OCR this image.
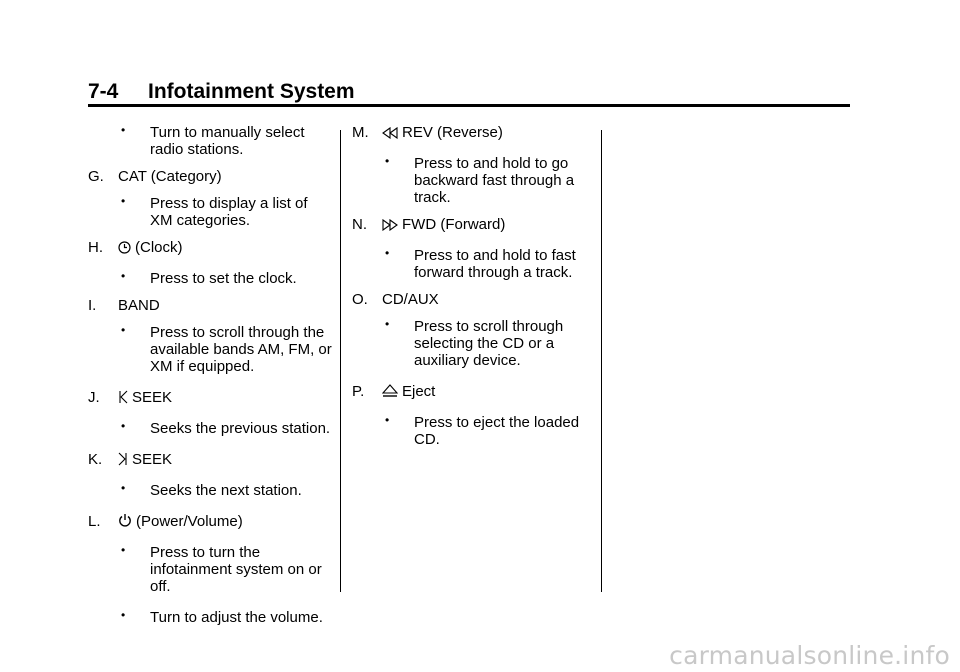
7-4 Infotainment System
• Turn to manually select radio stations.
G. CAT (Category)
• Press to display a list of XM categories.
H. (Clock)
• Press to set the clock.
I. BAND
• Press to scroll through the available bands AM, FM, or XM if equipped.
J. SEEK
• Seeks the previous station.
K. SEEK
• Seeks the next station.
L. (Power/Volume)
• Press to turn the infotainment system on or off.
• Turn to adjust the volume.
M. REV (Reverse)
• Press to and hold to go backward fast through a track.
N. FWD (Forward)
• Press to and hold to fast forward through a track.
O. CD/AUX
• Press to scroll through selecting the CD or a auxiliary device.
P.	Eject
• Press to eject the loaded CD.
carmanualsonline.info
